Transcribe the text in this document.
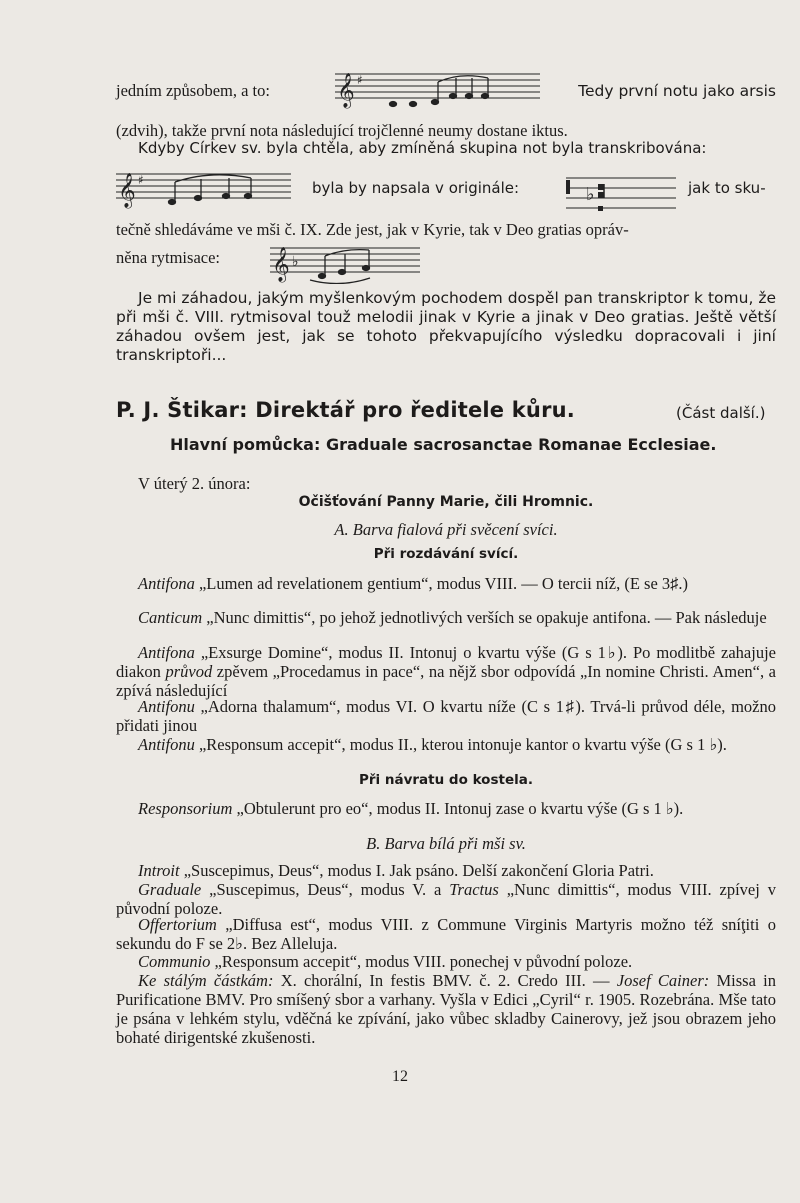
jedním způsobem, a to:	𝄞 ♯
Tedy první notu jako arsis
(zdvih), takže první nota následující trojčlenné neumy dostane iktus.
Kdyby Církev sv. byla chtěla, aby zmíněná skupina not byla transkribována:
𝄞 ♯	byla by napsala v originále:	♭	jak to sku-
tečně shledáváme ve mši č. IX. Zde jest, jak v Kyrie, tak v Deo gratias opráv-
něna rytmisace:	𝄞 ♭

Je mi záhadou, jakým myšlenkovým pochodem dospěl pan transkriptor k tomu, že při mši č. VIII. rytmisoval touž melodii jinak v Kyrie a jinak v Deo gratias. Ještě větší záhadou ovšem jest, jak se tohoto překvapujícího výsledku dopracovali i jiní transkriptoři...

P. J. Štikar: Direktář pro ředitele kůru.	(Část další.)
Hlavní pomůcka: Graduale sacrosanctae Romanae Ecclesiae.
V úterý 2. února:
Očišťování Panny Marie, čili Hromnic.
A. Barva fialová při svěcení svíci.
Při rozdávání svící.

Antifona „Lumen ad revelationem gentium“, modus VIII. — O tercii níž, (E se 3♯.)

Canticum „Nunc dimittis“, po jehož jednotlivých verších se opakuje antifona. — Pak následuje

Antifona „Exsurge Domine“, modus II. Intonuj o kvartu výše (G s 1♭). Po modlitbě zahajuje diakon průvod zpěvem „Procedamus in pace“, na nějž sbor odpovídá „In nomine Christi. Amen“, a zpívá následující

Antifonu „Adorna thalamum“, modus VI. O kvartu níže (C s 1♯). Trvá-li průvod déle, možno přidati jinou

Antifonu „Responsum accepit“, modus II., kterou intonuje kantor o kvartu výše (G s 1 ♭).

Při návratu do kostela.

Responsorium „Obtulerunt pro eo“, modus II. Intonuj zase o kvartu výše (G s 1 ♭).

B. Barva bílá při mši sv.

Introit „Suscepimus, Deus“, modus I. Jak psáno. Delší zakončení Gloria Patri.

Graduale „Suscepimus, Deus“, modus V. a Tractus „Nunc dimittis“, modus VIII. zpívej v původní poloze.

Offertorium „Diffusa est“, modus VIII. z Commune Virginis Martyris možno též sníţiti o sekundu do F se 2♭. Bez Alleluja.

Communio „Responsum accepit“, modus VIII. ponechej v původní poloze.

Ke stálým částkám: X. chorální, In festis BMV. č. 2. Credo III. — Josef Cainer: Missa in Purificatione BMV. Pro smíšený sbor a varhany. Vyšla v Edici „Cyril“ r. 1905. Rozebrána. Mše tato je psána v lehkém stylu, vděčná ke zpívání, jako vůbec skladby Cainerovy, jež jsou obrazem jeho bohaté dirigentské zkušenosti.

12
